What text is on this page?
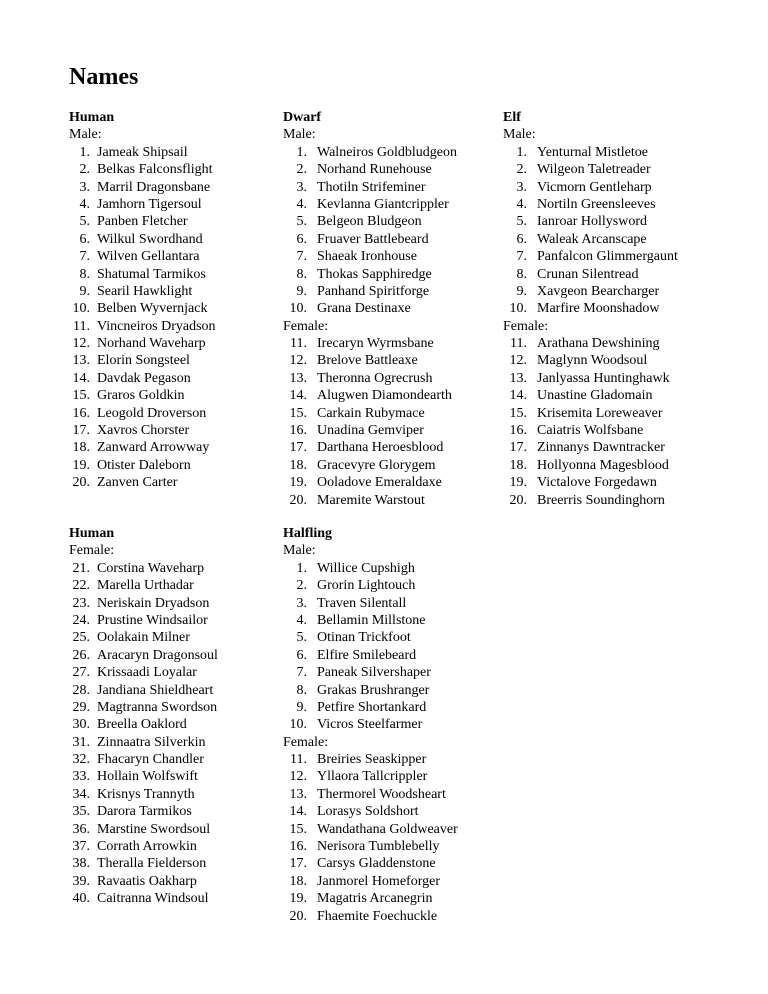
Names
Human
Male:
1. Jameak Shipsail
2. Belkas Falconsflight
3. Marril Dragonsbane
4. Jamhorn Tigersoul
5. Panben Fletcher
6. Wilkul Swordhand
7. Wilven Gellantara
8. Shatumal Tarmikos
9. Searil Hawklight
10. Belben Wyvernjack
11. Vincneiros Dryadson
12. Norhand Waveharp
13. Elorin Songsteel
14. Davdak Pegason
15. Graros Goldkin
16. Leogold Droverson
17. Xavros Chorster
18. Zanward Arrowway
19. Otister Daleborn
20. Zanven Carter
Dwarf
Male:
1. Walneiros Goldbludgeon
2. Norhand Runehouse
3. Thotiln Strifeminer
4. Kevlanna Giantcrippler
5. Belgeon Bludgeon
6. Fruaver Battlebeard
7. Shaeak Ironhouse
8. Thokas Sapphiredge
9. Panhand Spiritforge
10. Grana Destinaxe
Female:
11. Irecaryn Wyrmsbane
12. Brelove Battleaxe
13. Theronna Ogrecrush
14. Alugwen Diamondearth
15. Carkain Rubymace
16. Unadina Gemviper
17. Darthana Heroesblood
18. Gracevyre Glorygem
19. Ooladove Emeraldaxe
20. Maremite Warstout
Elf
Male:
1. Yenturnal Mistletoe
2. Wilgeon Taletreader
3. Vicmorn Gentleharp
4. Nortiln Greensleeves
5. Ianroar Hollysword
6. Waleak Arcanscape
7. Panfalcon Glimmergaunt
8. Crunan Silentread
9. Xavgeon Bearcharger
10. Marfire Moonshadow
Female:
11. Arathana Dewshining
12. Maglynn Woodsoul
13. Janlyassa Huntinghawk
14. Unastine Gladomain
15. Krisemita Loreweaver
16. Caiatris Wolfsbane
17. Zinnanys Dawntracker
18. Hollyonna Magesblood
19. Victalove Forgedawn
20. Breerris Soundinghorn
Human
Female:
21. Corstina Waveharp
22. Marella Urthadar
23. Neriskain Dryadson
24. Prustine Windsailor
25. Oolakain Milner
26. Aracaryn Dragonsoul
27. Krissaadi Loyalar
28. Jandiana Shieldheart
29. Magtranna Swordson
30. Breella Oaklord
31. Zinnaatra Silverkin
32. Fhacaryn Chandler
33. Hollain Wolfswift
34. Krisnys Trannyth
35. Darora Tarmikos
36. Marstine Swordsoul
37. Corrath Arrowkin
38. Theralla Fielderson
39. Ravaatis Oakharp
40. Caitranna Windsoul
Halfling
Male:
1. Willice Cupshigh
2. Grorin Lightouch
3. Traven Silentall
4. Bellamin Millstone
5. Otinan Trickfoot
6. Elfire Smilebeard
7. Paneak Silvershaper
8. Grakas Brushranger
9. Petfire Shortankard
10. Vicros Steelfarmer
Female:
11. Breiries Seaskipper
12. Yllaora Tallcrippler
13. Thermorel Woodsheart
14. Lorasys Soldshort
15. Wandathana Goldweaver
16. Nerisora Tumblebelly
17. Carsys Gladdenstone
18. Janmorel Homeforger
19. Magatris Arcanegrin
20. Fhaemite Foechuckle
